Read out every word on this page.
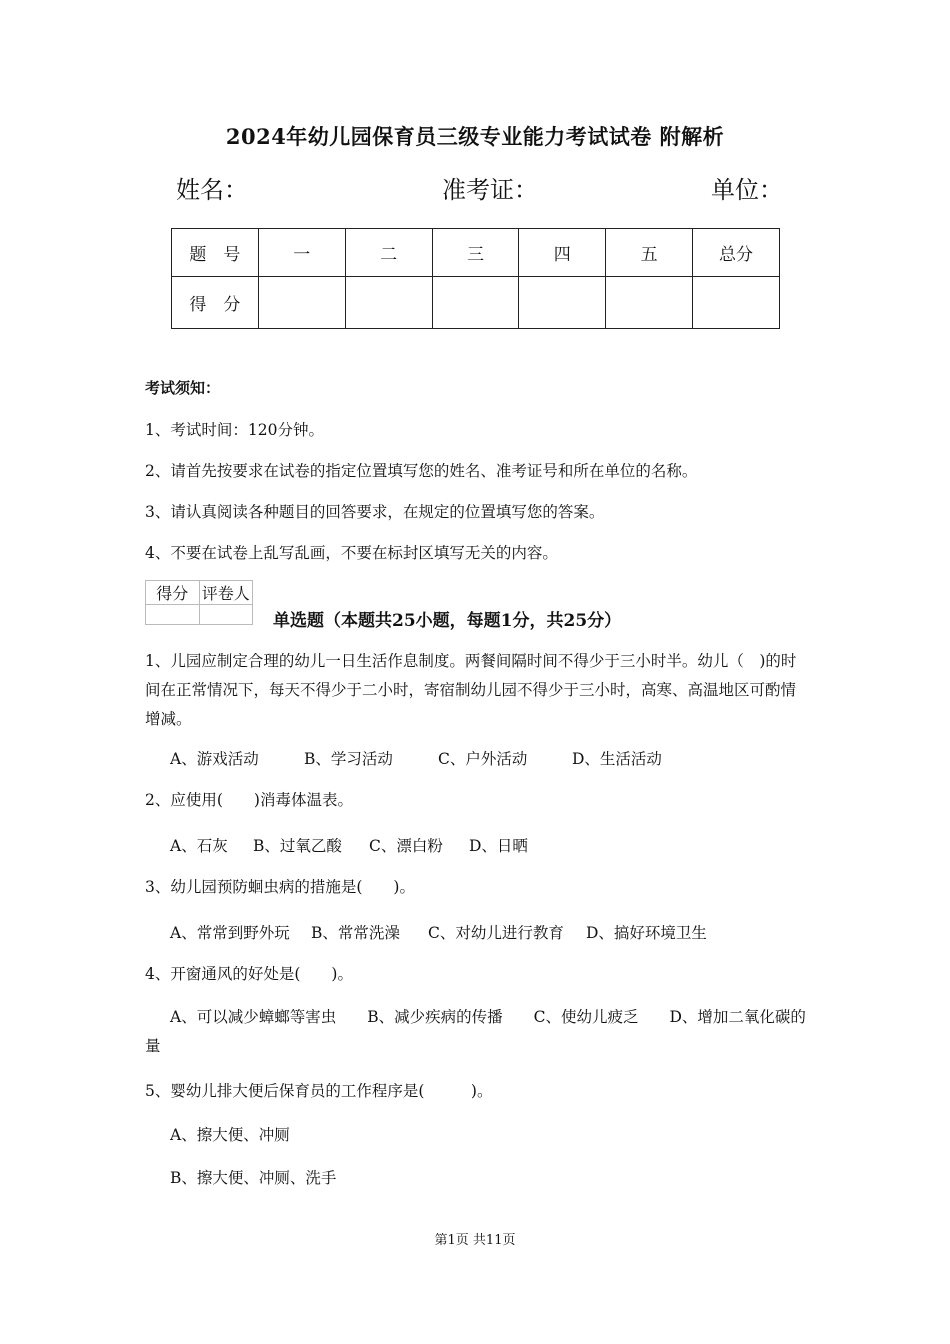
2024年幼儿园保育员三级专业能力考试试卷 附解析
姓名：	准考证：	单位：
题　号	一	二	三	四	五	总分
得　分						
考试须知：
1、考试时间：120分钟。
2、请首先按要求在试卷的指定位置填写您的姓名、准考证号和所在单位的名称。
3、请认真阅读各种题目的回答要求，在规定的位置填写您的答案。
4、不要在试卷上乱写乱画，不要在标封区填写无关的内容。
得分	评卷人

单选题（本题共25小题，每题1分，共25分）
1、儿园应制定合理的幼儿一日生活作息制度。两餐间隔时间不得少于三小时半。幼儿（　)的时间在正常情况下，每天不得少于二小时，寄宿制幼儿园不得少于三小时，高寒、高温地区可酌情增减。
A、游戏活动	B、学习活动	C、户外活动	D、生活活动
2、应使用(　　)消毒体温表。
A、石灰 B、过氧乙酸 C、漂白粉 D、日晒
3、幼儿园预防蛔虫病的措施是(　　)。
A、常常到野外玩 B、常常洗澡 C、对幼儿进行教育 D、搞好环境卫生
4、开窗通风的好处是(　　)。
A、可以减少蟑螂等害虫　　B、减少疾病的传播　　C、使幼儿疲乏　　D、增加二氧化碳的量
5、婴幼儿排大便后保育员的工作程序是(　　　)。
A、擦大便、冲厕
B、擦大便、冲厕、洗手
第1页 共11页
